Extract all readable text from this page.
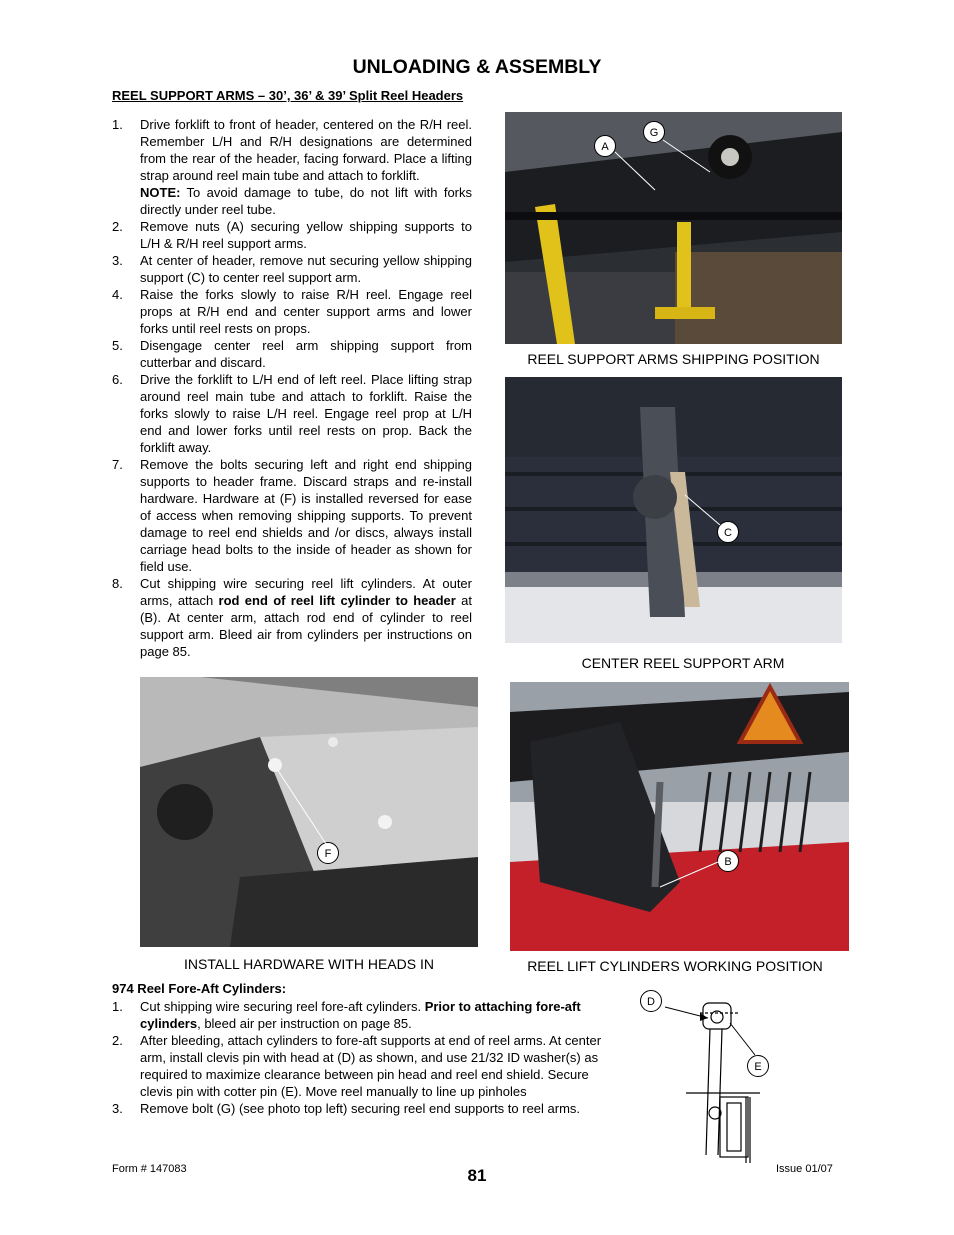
UNLOADING & ASSEMBLY
REEL SUPPORT ARMS – 30’, 36’ & 39’ Split Reel Headers
1. Drive forklift to front of header, centered on the R/H reel. Remember L/H and R/H designations are determined from the rear of the header, facing forward. Place a lifting strap around reel main tube and attach to forklift.
NOTE: To avoid damage to tube, do not lift with forks directly under reel tube.
2. Remove nuts (A) securing yellow shipping supports to L/H & R/H reel support arms.
3. At center of header, remove nut securing yellow shipping support (C) to center reel support arm.
4. Raise the forks slowly to raise R/H reel. Engage reel props at R/H end and center support arms and lower forks until reel rests on props.
5. Disengage center reel arm shipping support from cutterbar and discard.
6. Drive the forklift to L/H end of left reel. Place lifting strap around reel main tube and attach to forklift. Raise the forks slowly to raise L/H reel. Engage reel prop at L/H end and lower forks until reel rests on prop. Back the forklift away.
7. Remove the bolts securing left and right end shipping supports to header frame. Discard straps and re-install hardware. Hardware at (F) is installed reversed for ease of access when removing shipping supports. To prevent damage to reel end shields and /or discs, always install carriage head bolts to the inside of header as shown for field use.
8. Cut shipping wire securing reel lift cylinders. At outer arms, attach rod end of reel lift cylinder to header at (B). At center arm, attach rod end of cylinder to reel support arm. Bleed air from cylinders per instructions on page 85.
A
G
REEL SUPPORT ARMS SHIPPING POSITION
C
CENTER REEL SUPPORT ARM
F
INSTALL HARDWARE WITH HEADS IN
B
REEL LIFT CYLINDERS WORKING POSITION
974 Reel Fore-Aft Cylinders:
1. Cut shipping wire securing reel fore-aft cylinders. Prior to attaching fore-aft cylinders, bleed air per instruction on page 85.
2. After bleeding, attach cylinders to fore-aft supports at end of reel arms. At center arm, install clevis pin with head at (D) as shown, and use 21/32 ID washer(s) as required to maximize clearance between pin head and reel end shield. Secure clevis pin with cotter pin (E). Move reel manually to line up pinholes
3. Remove bolt (G) (see photo top left) securing reel end supports to reel arms.
D
E
Form # 147083	81	Issue 01/07
